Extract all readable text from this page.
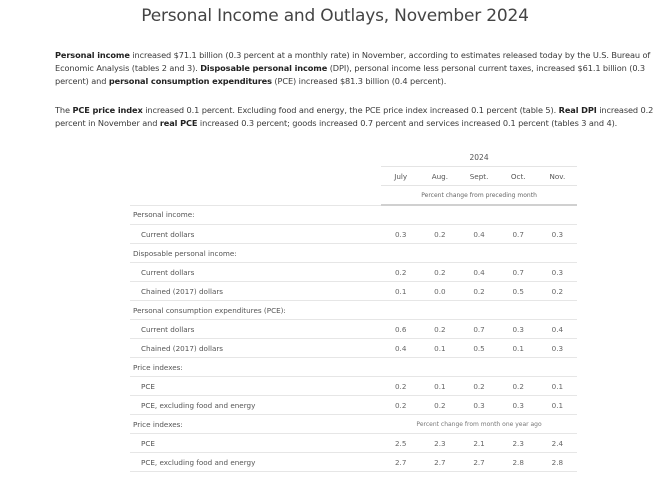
Personal Income and Outlays, November 2024
Personal income increased $71.1 billion (0.3 percent at a monthly rate) in November, according to estimates released today by the U.S. Bureau of Economic Analysis (tables 2 and 3). Disposable personal income (DPI), personal income less personal current taxes, increased $61.1 billion (0.3 percent) and personal consumption expenditures (PCE) increased $81.3 billion (0.4 percent).
The PCE price index increased 0.1 percent. Excluding food and energy, the PCE price index increased 0.1 percent (table 5). Real DPI increased 0.2 percent in November and real PCE increased 0.3 percent; goods increased 0.7 percent and services increased 0.1 percent (tables 3 and 4).
	2024				
	July	Aug.	Sept.	Oct.	Nov.
	Percent change from preceding month				
Personal income:					
Current dollars	0.3	0.2	0.4	0.7	0.3
Disposable personal income:					
Current dollars	0.2	0.2	0.4	0.7	0.3
Chained (2017) dollars	0.1	0.0	0.2	0.5	0.2
Personal consumption expenditures (PCE):					
Current dollars	0.6	0.2	0.7	0.3	0.4
Chained (2017) dollars	0.4	0.1	0.5	0.1	0.3
Price indexes:					
PCE	0.2	0.1	0.2	0.2	0.1
PCE, excluding food and energy	0.2	0.2	0.3	0.3	0.1
Price indexes:	Percent change from month one year ago				
PCE	2.5	2.3	2.1	2.3	2.4
PCE, excluding food and energy	2.7	2.7	2.7	2.8	2.8
